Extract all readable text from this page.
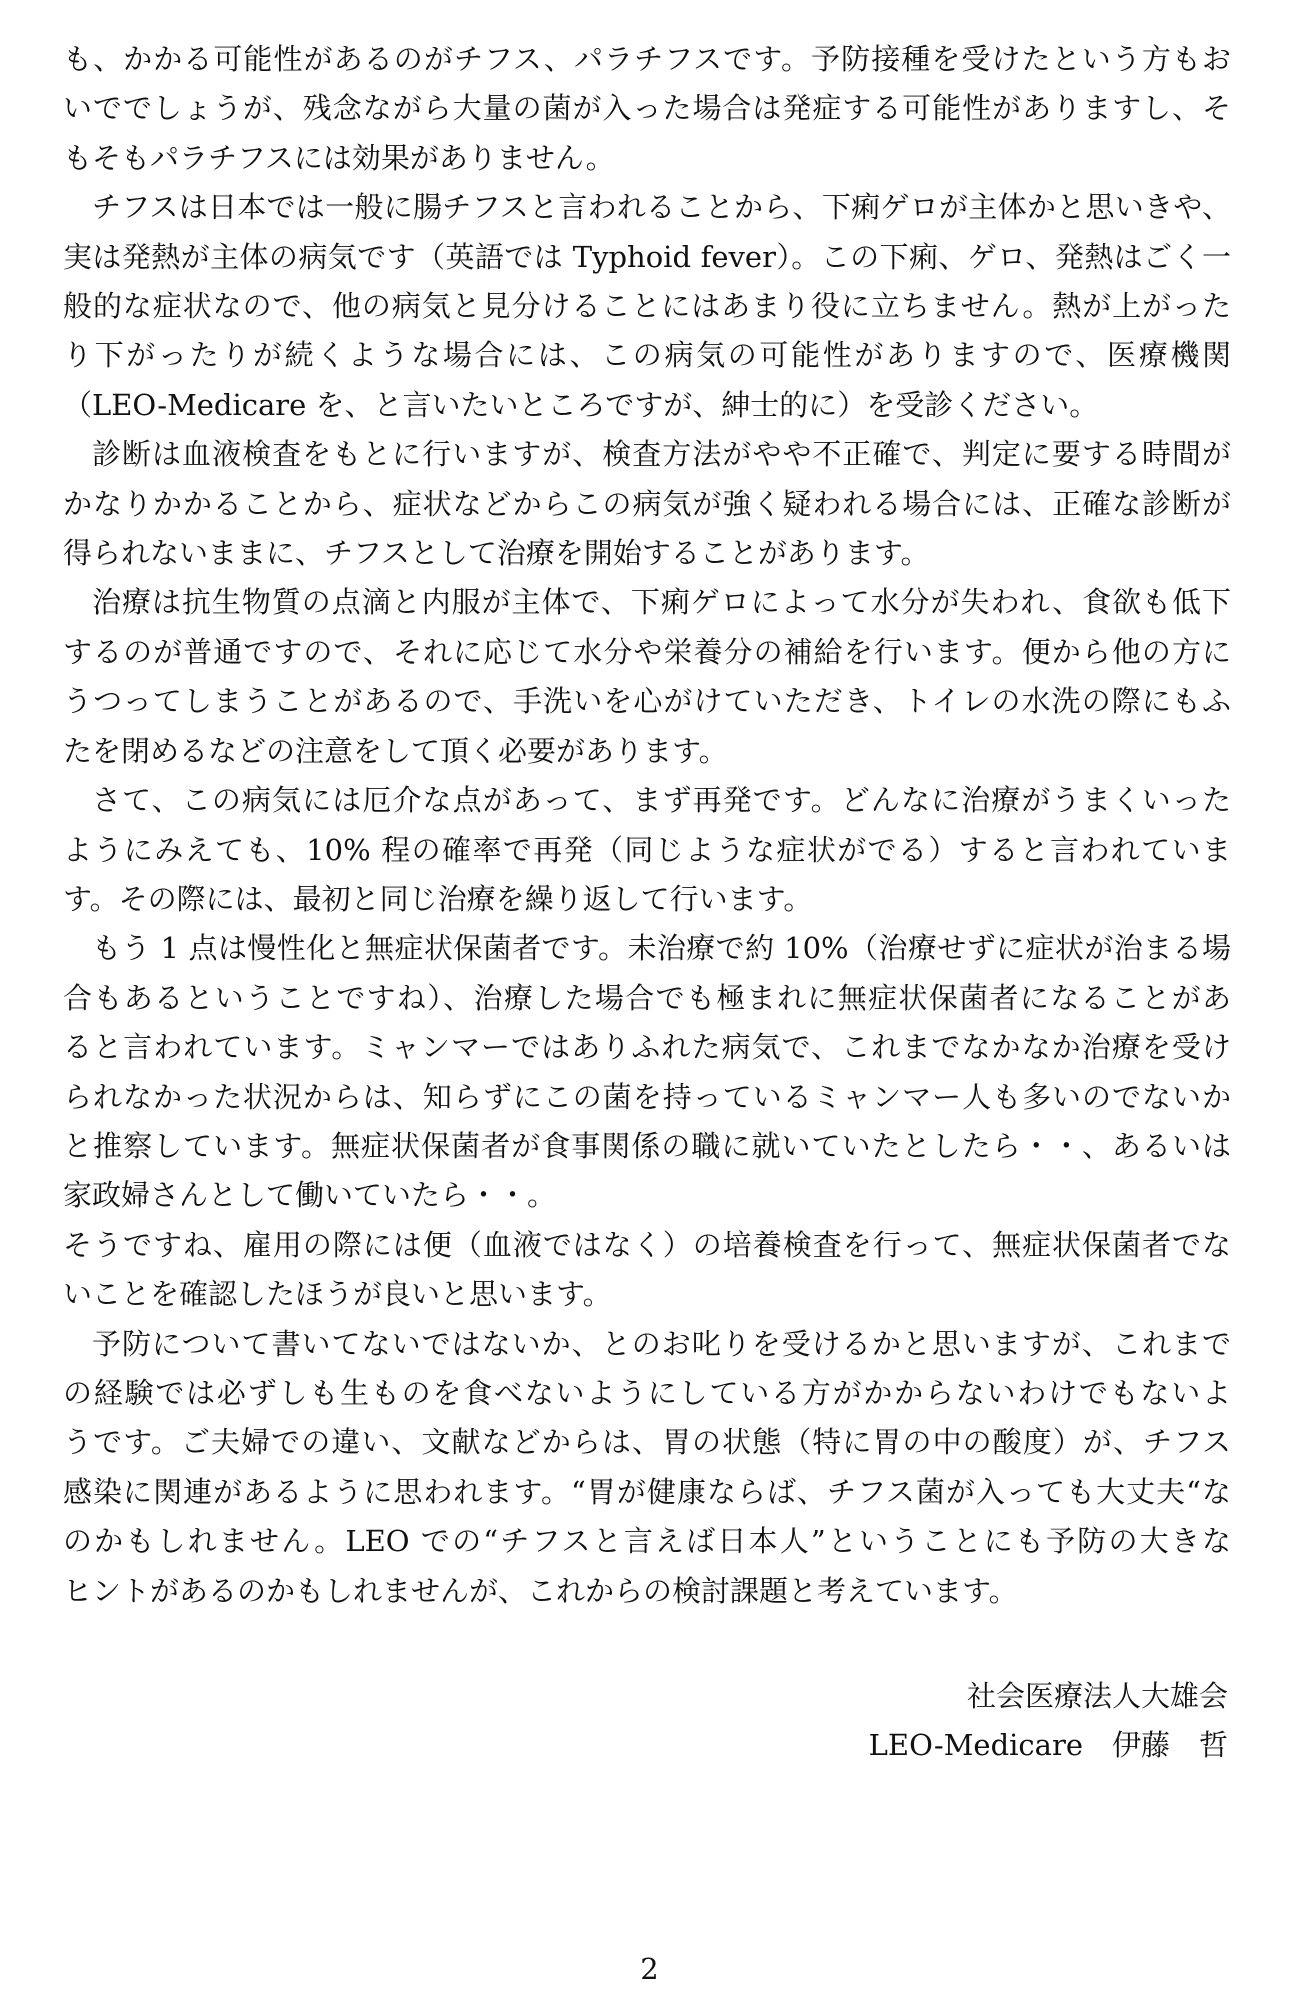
も、かかる可能性があるのがチフス、パラチフスです。予防接種を受けたという方もお
いででしょうが、残念ながら大量の菌が入った場合は発症する可能性がありますし、そ
もそもパラチフスには効果がありません。
チフスは日本では一般に腸チフスと言われることから、下痢ゲロが主体かと思いきや、
実は発熱が主体の病気です（英語では Typhoid fever）。この下痢、ゲロ、発熱はごく一
般的な症状なので、他の病気と見分けることにはあまり役に立ちません。熱が上がった
り下がったりが続くような場合には、この病気の可能性がありますので、医療機関
（LEO-Medicare を、と言いたいところですが、紳士的に）を受診ください。
診断は血液検査をもとに行いますが、検査方法がやや不正確で、判定に要する時間が
かなりかかることから、症状などからこの病気が強く疑われる場合には、正確な診断が
得られないままに、チフスとして治療を開始することがあります。
治療は抗生物質の点滴と内服が主体で、下痢ゲロによって水分が失われ、食欲も低下
するのが普通ですので、それに応じて水分や栄養分の補給を行います。便から他の方に
うつってしまうことがあるので、手洗いを心がけていただき、トイレの水洗の際にもふ
たを閉めるなどの注意をして頂く必要があります。
さて、この病気には厄介な点があって、まず再発です。どんなに治療がうまくいった
ようにみえても、10% 程の確率で再発（同じような症状がでる）すると言われていま
す。その際には、最初と同じ治療を繰り返して行います。
もう 1 点は慢性化と無症状保菌者です。未治療で約 10%（治療せずに症状が治まる場
合もあるということですね）、治療した場合でも極まれに無症状保菌者になることがあ
ると言われています。ミャンマーではありふれた病気で、これまでなかなか治療を受け
られなかった状況からは、知らずにこの菌を持っているミャンマー人も多いのでないか
と推察しています。無症状保菌者が食事関係の職に就いていたとしたら・・、あるいは
家政婦さんとして働いていたら・・。
そうですね、雇用の際には便（血液ではなく）の培養検査を行って、無症状保菌者でな
いことを確認したほうが良いと思います。
予防について書いてないではないか、とのお叱りを受けるかと思いますが、これまで
の経験では必ずしも生ものを食べないようにしている方がかからないわけでもないよ
うです。ご夫婦での違い、文献などからは、胃の状態（特に胃の中の酸度）が、チフス
感染に関連があるように思われます。“胃が健康ならば、チフス菌が入っても大丈夫“な
のかもしれません。LEO での“チフスと言えば日本人”ということにも予防の大きな
ヒントがあるのかもしれませんが、これからの検討課題と考えています。
社会医療法人大雄会
LEO-Medicare　伊藤　哲
2
